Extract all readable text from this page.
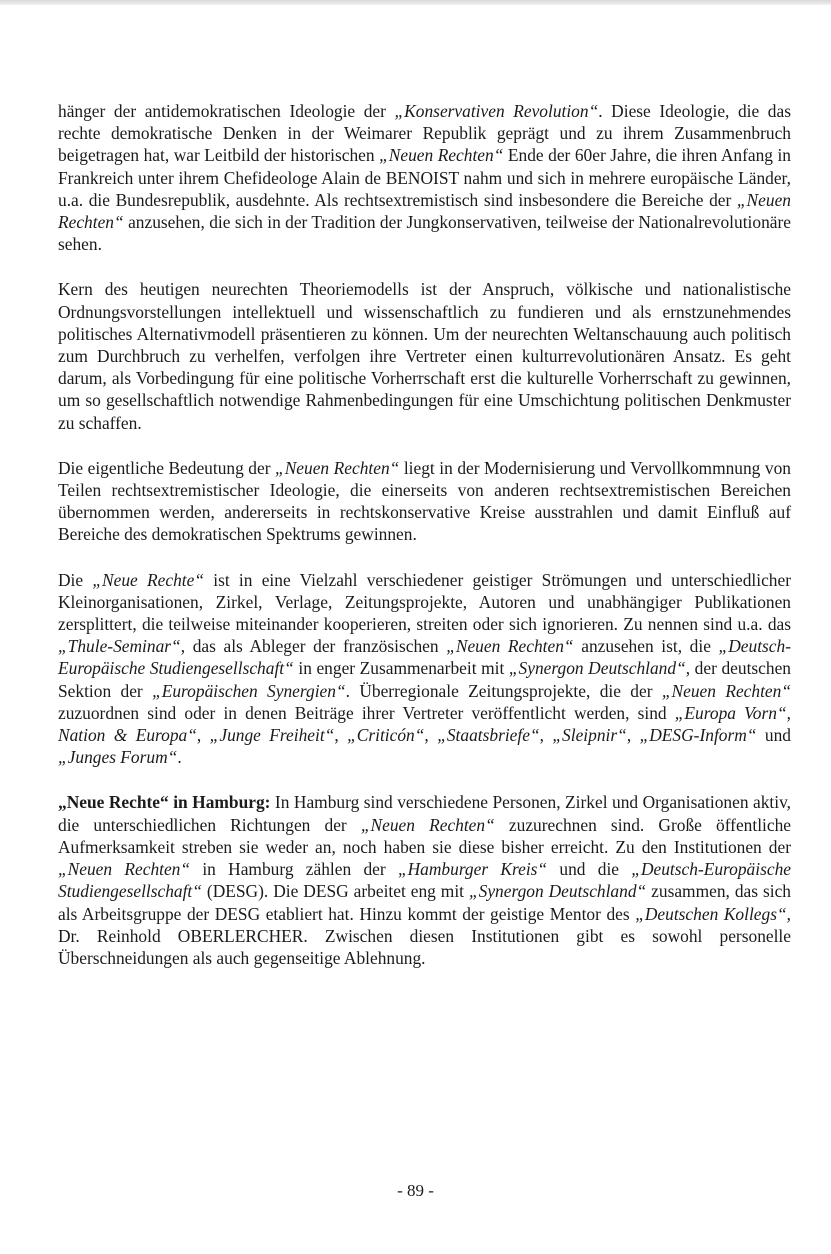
hänger der antidemokratischen Ideologie der „Konservativen Revolution“. Diese Ideologie, die das rechte demokratische Denken in der Weimarer Republik geprägt und zu ihrem Zusammenbruch beigetragen hat, war Leitbild der historischen „Neuen Rechten“ Ende der 60er Jahre, die ihren Anfang in Frankreich unter ihrem Chefideologe Alain de BENOIST nahm und sich in mehrere europäische Länder, u.a. die Bundesrepublik, ausdehnte. Als rechtsextremistisch sind insbesondere die Bereiche der „Neuen Rechten“ anzusehen, die sich in der Tradition der Jungkonservativen, teilweise der Nationalrevolutionäre sehen.

Kern des heutigen neurechten Theoriemodells ist der Anspruch, völkische und nationalistische Ordnungsvorstellungen intellektuell und wissenschaftlich zu fundieren und als ernstzunehmendes politisches Alternativmodell präsentieren zu können. Um der neurechten Weltanschauung auch politisch zum Durchbruch zu verhelfen, verfolgen ihre Vertreter einen kulturrevolutionären Ansatz. Es geht darum, als Vorbedingung für eine politische Vorherrschaft erst die kulturelle Vorherrschaft zu gewinnen, um so gesellschaftlich notwendige Rahmenbedingungen für eine Umschichtung politischen Denkmuster zu schaffen.

Die eigentliche Bedeutung der „Neuen Rechten“ liegt in der Modernisierung und Vervollkommnung von Teilen rechtsextremistischer Ideologie, die einerseits von anderen rechtsextremistischen Bereichen übernommen werden, andererseits in rechtskonservative Kreise ausstrahlen und damit Einfluß auf Bereiche des demokratischen Spektrums gewinnen.

Die „Neue Rechte“ ist in eine Vielzahl verschiedener geistiger Strömungen und unterschiedlicher Kleinorganisationen, Zirkel, Verlage, Zeitungsprojekte, Autoren und unabhängiger Publikationen zersplittert, die teilweise miteinander kooperieren, streiten oder sich ignorieren. Zu nennen sind u.a. das „Thule-Seminar“, das als Ableger der französischen „Neuen Rechten“ anzusehen ist, die „Deutsch-Europäische Studiengesellschaft“ in enger Zusammenarbeit mit „Synergon Deutschland“, der deutschen Sektion der „Europäischen Synergien“. Überregionale Zeitungsprojekte, die der „Neuen Rechten“ zuzuordnen sind oder in denen Beiträge ihrer Vertreter veröffentlicht werden, sind „Europa Vorn“, Nation & Europa“, „Junge Freiheit“, „Criticón“, „Staatsbriefe“, „Sleipnir“, „DESG-Inform“ und „Junges Forum“.

„Neue Rechte“ in Hamburg: In Hamburg sind verschiedene Personen, Zirkel und Organisationen aktiv, die unterschiedlichen Richtungen der „Neuen Rechten“ zuzurechnen sind. Große öffentliche Aufmerksamkeit streben sie weder an, noch haben sie diese bisher erreicht. Zu den Institutionen der „Neuen Rechten“ in Hamburg zählen der „Hamburger Kreis“ und die „Deutsch-Europäische Studiengesellschaft“ (DESG). Die DESG arbeitet eng mit „Synergon Deutschland“ zusammen, das sich als Arbeitsgruppe der DESG etabliert hat. Hinzu kommt der geistige Mentor des „Deutschen Kollegs“, Dr. Reinhold OBERLERCHER. Zwischen diesen Institutionen gibt es sowohl personelle Überschneidungen als auch gegenseitige Ablehnung.

- 89 -
